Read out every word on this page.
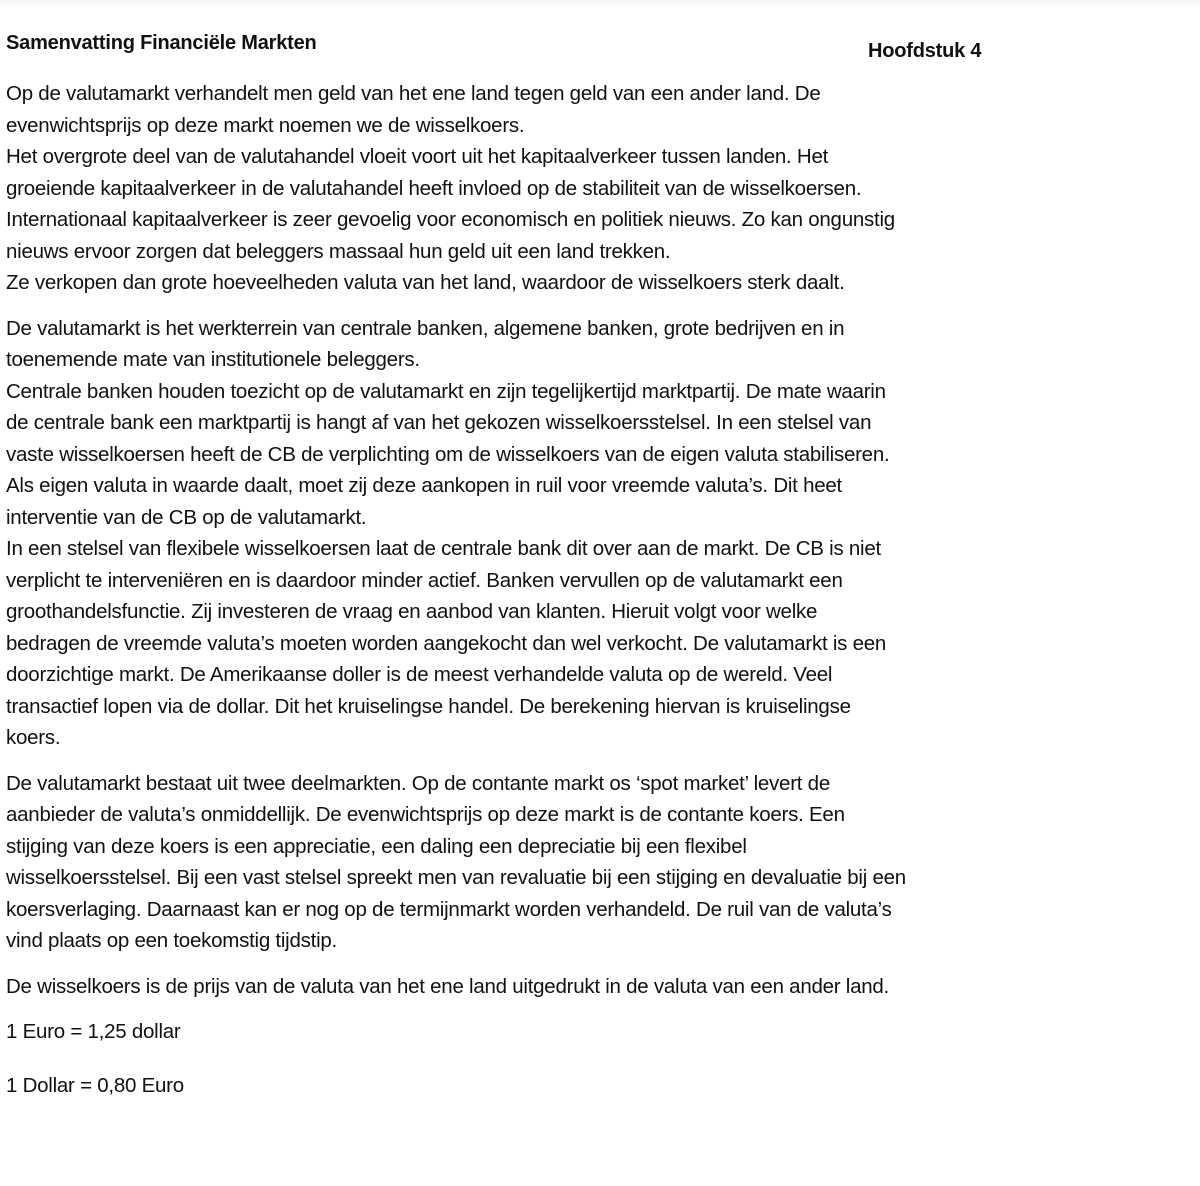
Samenvatting Financiële Markten	Hoofdstuk 4
Op de valutamarkt verhandelt men geld van het ene land tegen geld van een ander land. De
evenwichtsprijs op deze markt noemen we de wisselkoers.
Het overgrote deel van de valutahandel vloeit voort uit het kapitaalverkeer tussen landen. Het
groeiende kapitaalverkeer in de valutahandel heeft invloed op de stabiliteit van de wisselkoersen.
Internationaal kapitaalverkeer is zeer gevoelig voor economisch en politiek nieuws. Zo kan ongunstig
nieuws ervoor zorgen dat beleggers massaal hun geld uit een land trekken.
Ze verkopen dan grote hoeveelheden valuta van het land, waardoor de wisselkoers sterk daalt.
De valutamarkt is het werkterrein van centrale banken, algemene banken, grote bedrijven en in
toenemende mate van institutionele beleggers.
Centrale banken houden toezicht op de valutamarkt en zijn tegelijkertijd marktpartij. De mate waarin
de centrale bank een marktpartij is hangt af van het gekozen wisselkoersstelsel. In een stelsel van
vaste wisselkoersen heeft de CB de verplichting om de wisselkoers van de eigen valuta stabiliseren.
Als eigen valuta in waarde daalt, moet zij deze aankopen in ruil voor vreemde valuta’s. Dit heet
interventie van de CB op de valutamarkt.
In een stelsel van flexibele wisselkoersen laat de centrale bank dit over aan de markt. De CB is niet
verplicht te interveniëren en is daardoor minder actief. Banken vervullen op de valutamarkt een
groothandelsfunctie. Zij investeren de vraag en aanbod van klanten. Hieruit volgt voor welke
bedragen de vreemde valuta’s moeten worden aangekocht dan wel verkocht. De valutamarkt is een
doorzichtige markt. De Amerikaanse doller is de meest verhandelde valuta op de wereld. Veel
transactief lopen via de dollar. Dit het kruiselingse handel. De berekening hiervan is kruiselingse
koers.
De valutamarkt bestaat uit twee deelmarkten. Op de contante markt os ‘spot market’ levert de
aanbieder de valuta’s onmiddellijk. De evenwichtsprijs op deze markt is de contante koers. Een
stijging van deze koers is een appreciatie, een daling een depreciatie bij een flexibel
wisselkoersstelsel. Bij een vast stelsel spreekt men van revaluatie bij een stijging en devaluatie bij een
koersverlaging. Daarnaast kan er nog op de termijnmarkt worden verhandeld. De ruil van de valuta’s
vind plaats op een toekomstig tijdstip.
De wisselkoers is de prijs van de valuta van het ene land uitgedrukt in de valuta van een ander land.
1 Euro = 1,25 dollar
1 Dollar = 0,80 Euro
